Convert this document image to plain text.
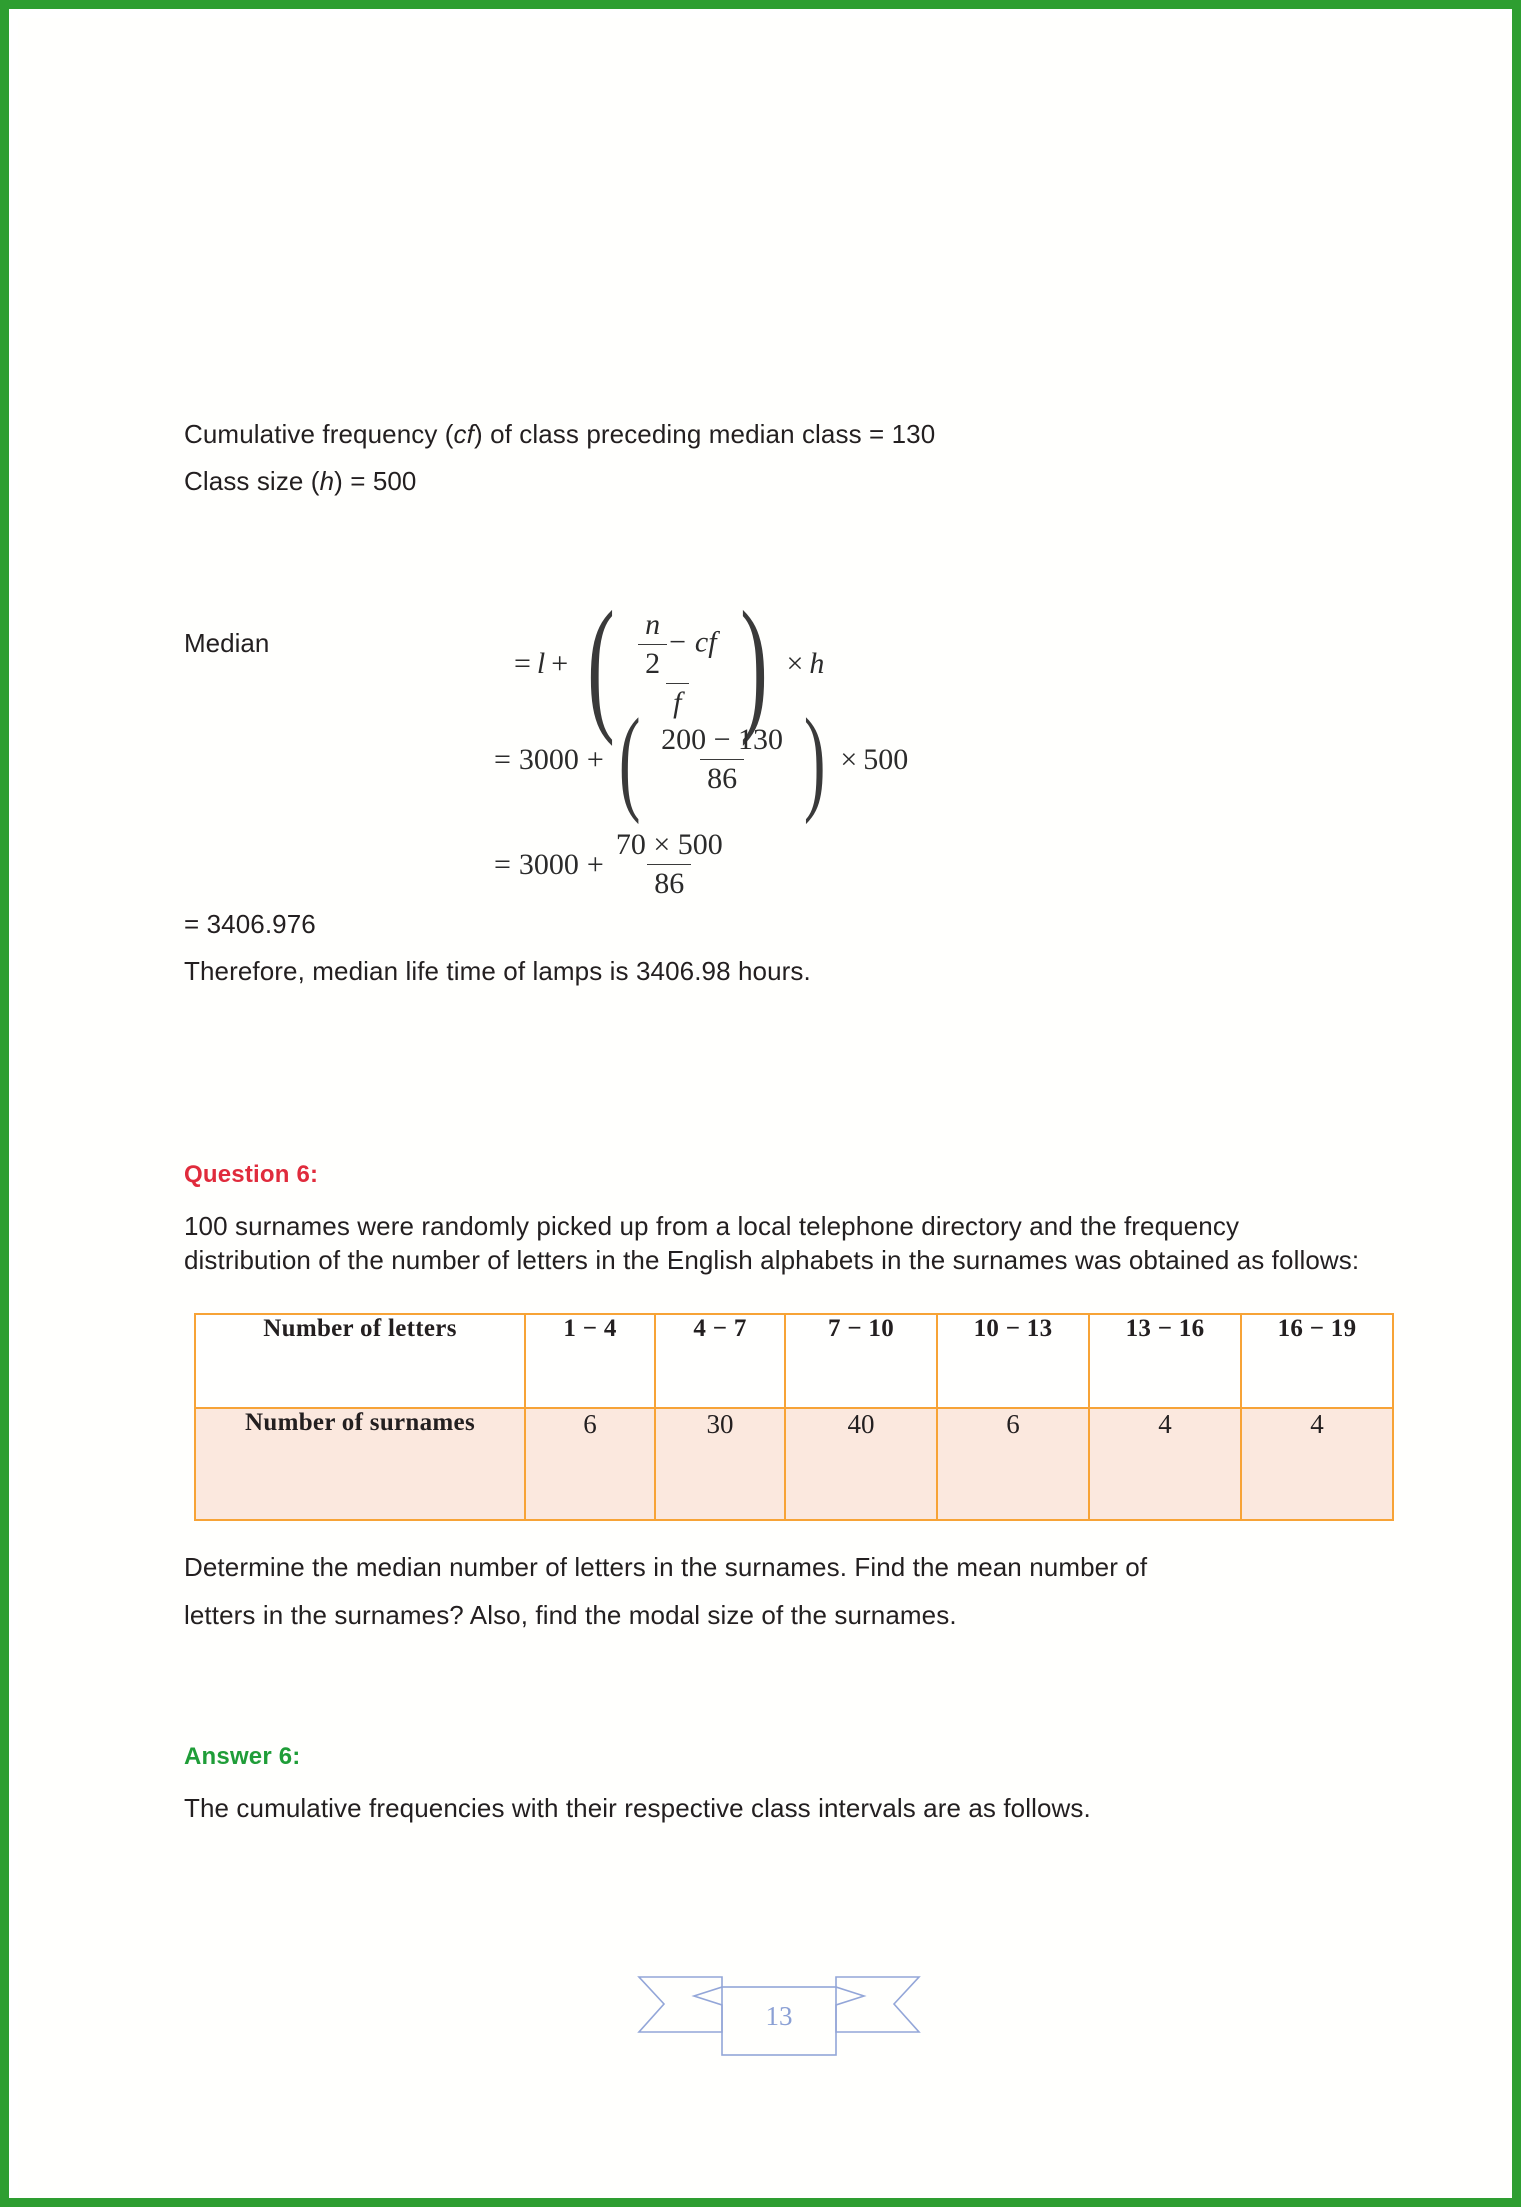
Cumulative frequency (cf) of class preceding median class = 130
Class size (h) = 500
Median
= l + ( $\frac{\frac{n}{2} - cf}{f}$ ) × h
= 3000 + ( $\frac{200 - 130}{86}$ ) × 500
= $3000 + \frac{70 \times 500}{86}$
= 3406.976
Therefore, median life time of lamps is 3406.98 hours.
Question 6:
100 surnames were randomly picked up from a local telephone directory and the frequency distribution of the number of letters in the English alphabets in the surnames was obtained as follows:
Number of letters	1 − 4	4 − 7	7 − 10	10 − 13	13 − 16	16 − 19
Number of surnames	6	30	40	6	4	4
Determine the median number of letters in the surnames. Find the mean number of
letters in the surnames? Also, find the modal size of the surnames.
Answer 6:
The cumulative frequencies with their respective class intervals are as follows.
13
